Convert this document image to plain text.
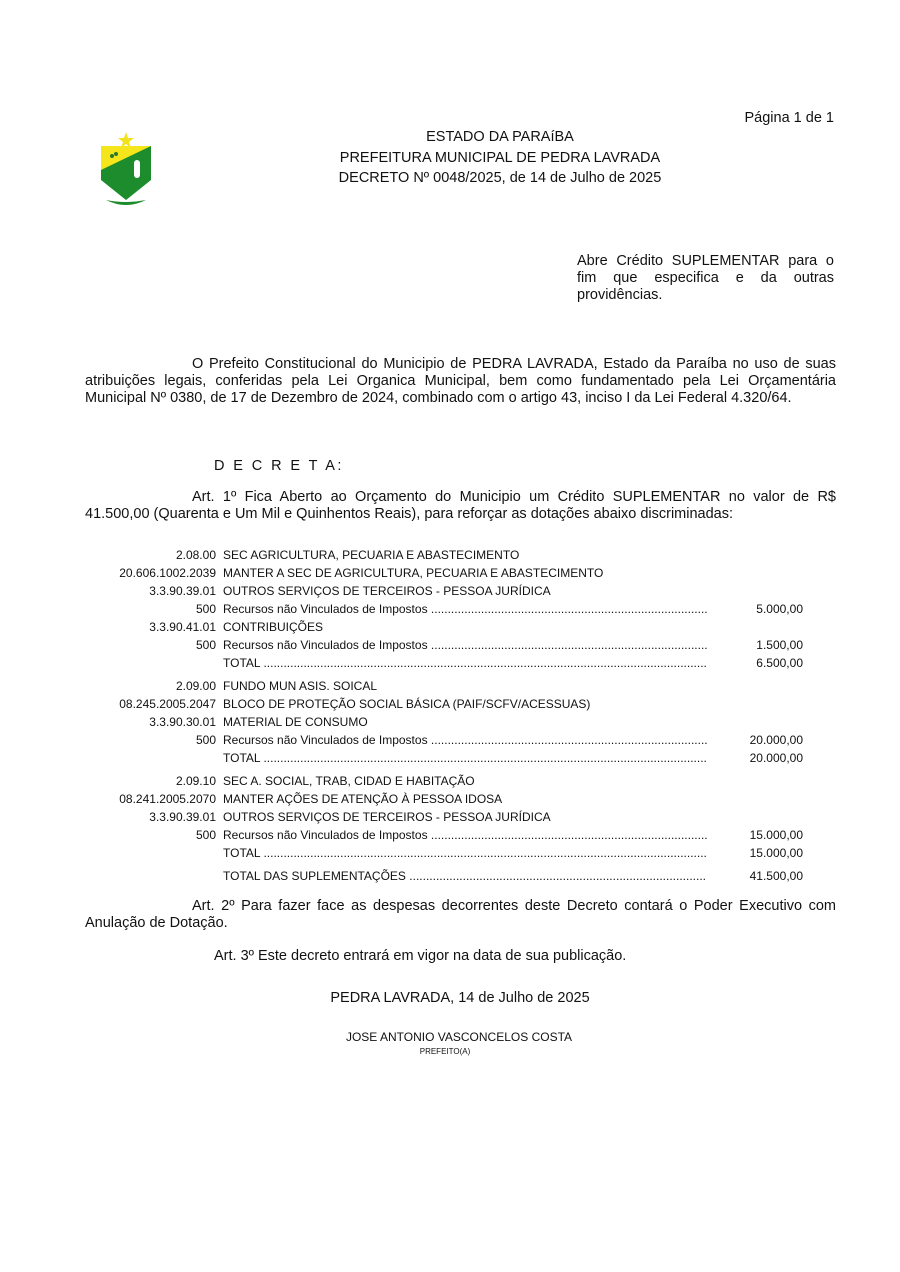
Página 1 de 1
ESTADO DA PARAíBA
PREFEITURA MUNICIPAL DE PEDRA LAVRADA
DECRETO Nº 0048/2025, de 14 de Julho de 2025
Abre Crédito SUPLEMENTAR para o
fim que especifica e da outras
providências.
O Prefeito Constitucional do Municipio de PEDRA LAVRADA, Estado da Paraíba no uso de suas atribuições legais, conferidas pela Lei Organica Municipal, bem como fundamentado pela Lei Orçamentária Municipal Nº 0380, de 17 de Dezembro de 2024, combinado com o artigo 43, inciso I da Lei Federal 4.320/64.
D E C R E T A:
Art. 1º Fica Aberto ao Orçamento do Municipio um Crédito SUPLEMENTAR no valor de R$ 41.500,00 (Quarenta e Um Mil e Quinhentos Reais), para reforçar as dotações abaixo discriminadas:
2.08.00 SEC AGRICULTURA, PECUARIA E ABASTECIMENTO
20.606.1002.2039 MANTER A SEC DE AGRICULTURA, PECUARIA E ABASTECIMENTO
3.3.90.39.01 OUTROS SERVIÇOS DE TERCEIROS - PESSOA JURÍDICA
500 Recursos não Vinculados de Impostos .....	5.000,00
3.3.90.41.01 CONTRIBUIÇÕES
500 Recursos não Vinculados de Impostos .....	1.500,00
TOTAL .....	6.500,00
2.09.00 FUNDO MUN ASIS. SOICAL
08.245.2005.2047 BLOCO DE PROTEÇÃO SOCIAL BÁSICA (PAIF/SCFV/ACESSUAS)
3.3.90.30.01 MATERIAL DE CONSUMO
500 Recursos não Vinculados de Impostos .....	20.000,00
TOTAL .....	20.000,00
2.09.10 SEC A. SOCIAL, TRAB, CIDAD E HABITAÇÃO
08.241.2005.2070 MANTER AÇÕES DE ATENÇÃO À PESSOA IDOSA
3.3.90.39.01 OUTROS SERVIÇOS DE TERCEIROS - PESSOA JURÍDICA
500 Recursos não Vinculados de Impostos .....	15.000,00
TOTAL .....	15.000,00
TOTAL DAS SUPLEMENTAÇÕES .....	41.500,00
Art. 2º Para fazer face as despesas decorrentes deste Decreto contará o Poder Executivo com Anulação de Dotação.
Art. 3º Este decreto entrará em vigor na data de sua publicação.
PEDRA LAVRADA, 14 de Julho de 2025
JOSE ANTONIO VASCONCELOS COSTA
PREFEITO(A)
